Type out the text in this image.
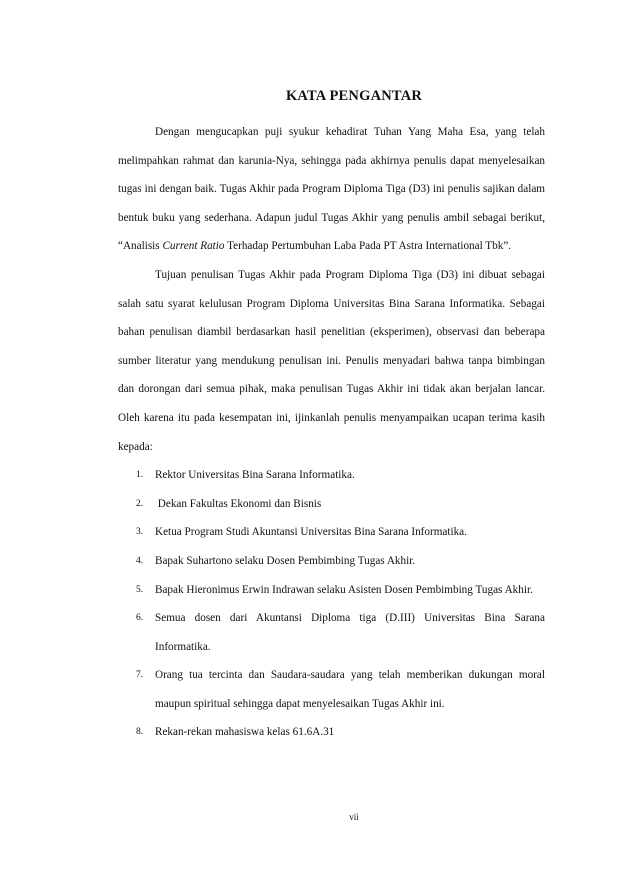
KATA PENGANTAR

Dengan mengucapkan puji syukur kehadirat Tuhan Yang Maha Esa, yang telah melimpahkan rahmat dan karunia-Nya, sehingga pada akhirnya penulis dapat menyelesaikan tugas ini dengan baik. Tugas Akhir pada Program Diploma Tiga (D3) ini penulis sajikan dalam bentuk buku yang sederhana. Adapun judul Tugas Akhir yang penulis ambil sebagai berikut, “Analisis Current Ratio Terhadap Pertumbuhan Laba Pada PT Astra International Tbk”.

Tujuan penulisan Tugas Akhir pada Program Diploma Tiga (D3) ini dibuat sebagai salah satu syarat kelulusan Program Diploma Universitas Bina Sarana Informatika. Sebagai bahan penulisan diambil berdasarkan hasil penelitian (eksperimen), observasi dan beberapa sumber literatur yang mendukung penulisan ini. Penulis menyadari bahwa tanpa bimbingan dan dorongan dari semua pihak, maka penulisan Tugas Akhir ini tidak akan berjalan lancar. Oleh karena itu pada kesempatan ini, ijinkanlah penulis menyampaikan ucapan terima kasih kepada:

1. Rektor Universitas Bina Sarana Informatika.
2. Dekan Fakultas Ekonomi dan Bisnis
3. Ketua Program Studi Akuntansi Universitas Bina Sarana Informatika.
4. Bapak Suhartono selaku Dosen Pembimbing Tugas Akhir.
5. Bapak Hieronimus Erwin Indrawan selaku Asisten Dosen Pembimbing Tugas Akhir.
6. Semua dosen dari Akuntansi Diploma tiga (D.III) Universitas Bina Sarana Informatika.
7. Orang tua tercinta dan Saudara-saudara yang telah memberikan dukungan moral maupun spiritual sehingga dapat menyelesaikan Tugas Akhir ini.
8. Rekan-rekan mahasiswa kelas 61.6A.31
vii
